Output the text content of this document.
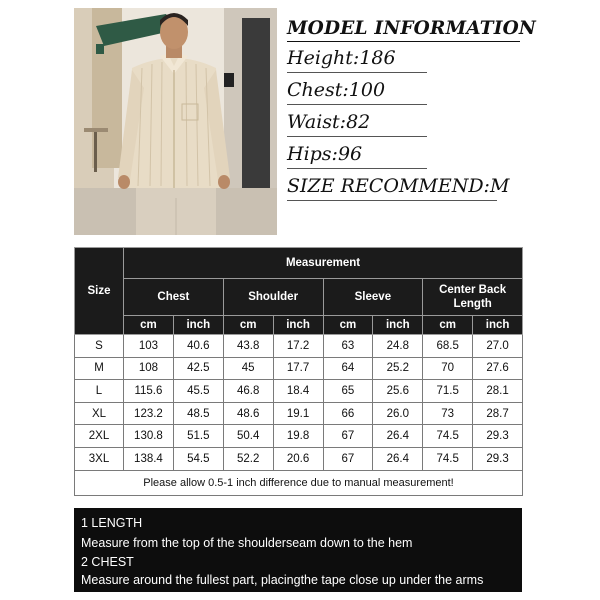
MODEL INFORMATION
Height:186
Chest:100
Waist:82
Hips:96
SIZE RECOMMEND:M
Size	Measurement							
	Chest		Shoulder		Sleeve		Center Back Length	
	cm	inch	cm	inch	cm	inch	cm	inch
S	103	40.6	43.8	17.2	63	24.8	68.5	27.0
M	108	42.5	45	17.7	64	25.2	70	27.6
L	115.6	45.5	46.8	18.4	65	25.6	71.5	28.1
XL	123.2	48.5	48.6	19.1	66	26.0	73	28.7
2XL	130.8	51.5	50.4	19.8	67	26.4	74.5	29.3
3XL	138.4	54.5	52.2	20.6	67	26.4	74.5	29.3
Please allow 0.5-1 inch difference due to manual measurement!								
1 LENGTH
Measure from the top of the shoulderseam down to the hem
2 CHEST
Measure around the fullest part, placingthe tape close up under the arms
